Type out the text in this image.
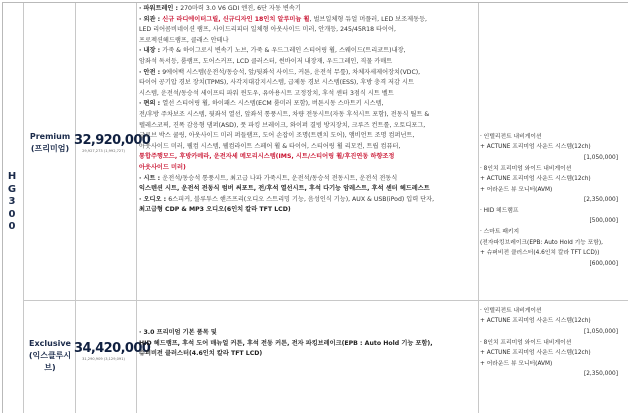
H
G
3
0
0
Premium
(프리미엄)
32,920,000
29,927,273 (1,992,727)
· 파워트레인 : 270마력 3.0 V6 GDI 엔진, 6단 자동 변속기
· 외관 : 신규 라디에이터그릴, 신규디자인 18인치 알루미늄 휠, 벌브일체형 듀얼 머플러, LED 보조제동등,
LED 리어콤비네이션 램프, 사이드리피터 일체형 아웃사이드 미러, 안개등, 245/45R18 타이어,
프로젝션헤드램프, 클래스 안테나
· 내장 : 가죽 & 하이그로시 변속기 노브, 가죽 & 우드그레인 스티어링 휠, 스웨이드(트리코트)내장,
암좌석 독서등, 룸램프, 도어스커프, LCD 클러스터, 썬바이저 내장재, 우드그레인, 직물 카매트
· 안전 : 9에어백 시스템(운전석/동승석, 앞/뒷좌석 사이드, 커튼, 운전석 무릎), 차체자세제어장치(VDC),
타이어 공기압 경보 장치(TPMS), 사각지대감지시스템, 급제동 경보 시스템(ESS), 후방 충격 저감 시트
시스템, 운전석/동승석 세이프티 파워 윈도우, 유아용시트 고정장치, 후석 센터 3점식 시트 벨트
· 편의 : 열선 스티어링 휠, 하이패스 시스템(ECM 룸미러 포함), 버튼시동 스마트키 시스템,
전/후방 주차보조 시스템, 뒷좌석 열선, 앞좌석 통풍시트, 차량 전동시트(자동 후석시트 포함), 전동식 틸트 &
텔레스코픽, 진폭 감응형 댐퍼(ASD), 풋 파킹 브레이크, 와이퍼 결빙 방지장치, 크루즈 컨트롤, 오토디포그,
글로브 박스 쿨링, 아웃사이드 미러 퍼들램프, 도어 손잡이 조명(트렌치 도어), 앰비언트 조명 컴퍼넌트,
아웃사이드 미러, 웰컴 시스템, 웰컴라이트 스페어 휠 & 타이어, 스티어링 휠 리모컨, 트립 컴퓨터,
통합주행모드, 후방카메라, 운전자세 메모리시스템(IMS, 시트/스티어링 휠/후진연동 하향조정
아웃사이드 미러)
· 시트 : 운전석/동승석 통풍시트, 최고급 나파 가죽시트, 운전석/동승석 전동시트, 운전석 전동식
익스텐션 시트, 운전석 전동식 럼버 써포트, 전/후석 열선시트, 후석 다기능 암레스트, 후석 센터 헤드레스트
· 오디오 : 6스피커, 블루투스 핸즈프리(오디오 스트리밍 기능, 음성인식 기능), AUX & USB(iPod) 입력 단자,
최고급형 CDP & MP3 오디오(6인치 칼라 TFT LCD)
· 인텔리전트 내비게이션
+ ACTUNE 프리미엄 사운드 시스템(12ch)
[1,050,000]
· 8인치 프리미엄 와이드 내비게이션
+ ACTUNE 프리미엄 사운드 시스템(12ch)
+ 어라운드 뷰 모니터(AVM)
[2,350,000]
· HID 헤드램프
[500,000]
· 스마트 패키지
(전자파킹브레이크(EPB: Auto Hold 기능 포함),
+ 슈퍼비전 클러스터(4.6인치 칼라 TFT LCD))
[600,000]
Exclusive
(익스클루시브)
34,420,000
31,290,909 (3,129,091)
· 3.0 프리미엄 기본 품목 및
HID 헤드램프, 후석 도어 매뉴얼 커튼, 후석 전동 커튼, 전자 파킹브레이크(EPB : Auto Hold 기능 포함),
슈퍼비전 클러스터(4.6인치 칼라 TFT LCD)
· 인텔리전트 내비게이션
+ ACTUNE 프리미엄 사운드 시스템(12ch)
[1,050,000]
· 8인치 프리미엄 와이드 내비게이션
+ ACTUNE 프리미엄 사운드 시스템(12ch)
+ 어라운드 뷰 모니터(AVM)
[2,350,000]
